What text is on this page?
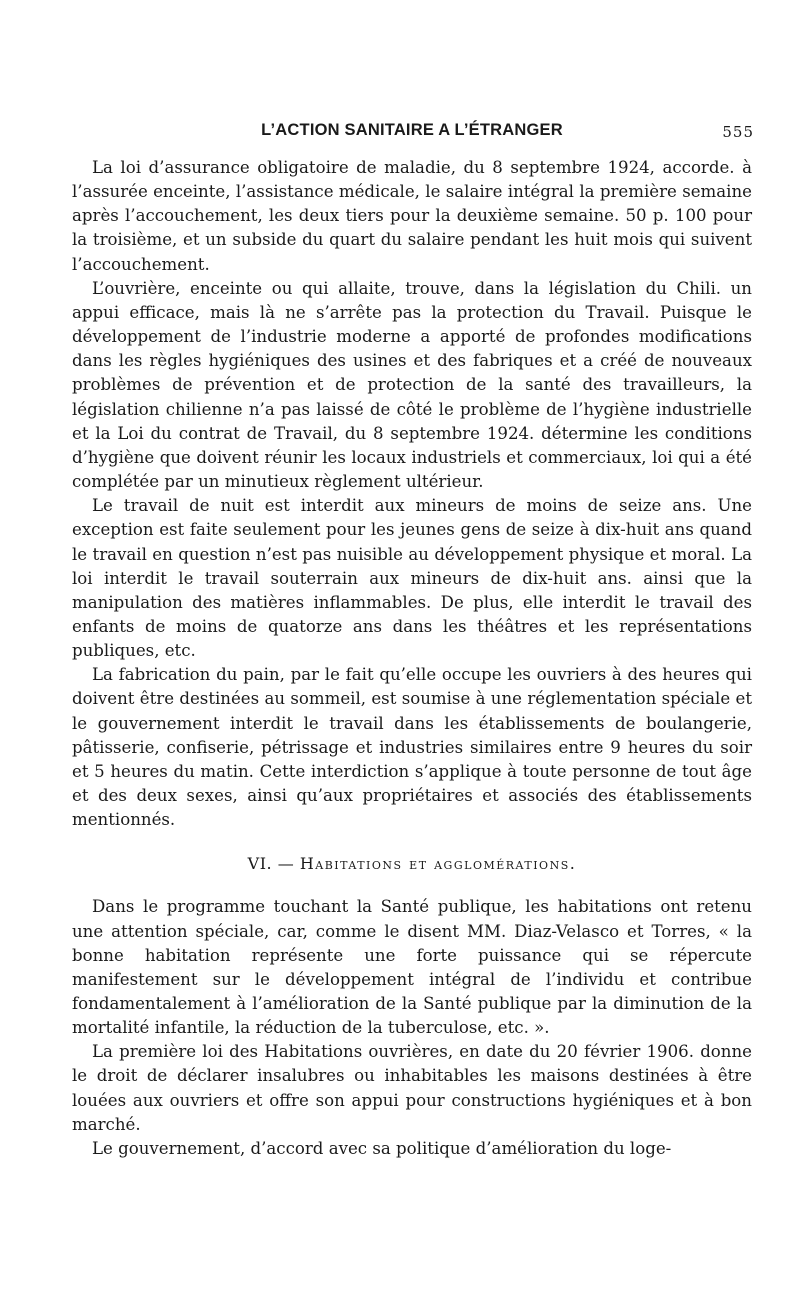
L’ACTION SANITAIRE A L’ÉTRANGER	555

La loi d’assurance obligatoire de maladie, du 8 septembre 1924, accorde. à l’assurée enceinte, l’assistance médicale, le salaire intégral la première semaine après l’accouchement, les deux tiers pour la deuxième semaine. 50 p. 100 pour la troisième, et un subside du quart du salaire pendant les huit mois qui suivent l’accouchement.

L’ouvrière, enceinte ou qui allaite, trouve, dans la législation du Chili. un appui efficace, mais là ne s’arrête pas la protection du Travail. Puisque le développement de l’industrie moderne a apporté de profondes modifications dans les règles hygiéniques des usines et des fabriques et a créé de nouveaux problèmes de prévention et de protection de la santé des travailleurs, la législation chilienne n’a pas laissé de côté le problème de l’hygiène industrielle et la Loi du contrat de Travail, du 8 septembre 1924. détermine les conditions d’hygiène que doivent réunir les locaux industriels et commerciaux, loi qui a été complétée par un minutieux règlement ultérieur.

Le travail de nuit est interdit aux mineurs de moins de seize ans. Une exception est faite seulement pour les jeunes gens de seize à dix-huit ans quand le travail en question n’est pas nuisible au développement physique et moral. La loi interdit le travail souterrain aux mineurs de dix-huit ans. ainsi que la manipulation des matières inflammables. De plus, elle interdit le travail des enfants de moins de quatorze ans dans les théâtres et les représentations publiques, etc.

La fabrication du pain, par le fait qu’elle occupe les ouvriers à des heures qui doivent être destinées au sommeil, est soumise à une réglementation spéciale et le gouvernement interdit le travail dans les établissements de boulangerie, pâtisserie, confiserie, pétrissage et industries similaires entre 9 heures du soir et 5 heures du matin. Cette interdiction s’applique à toute personne de tout âge et des deux sexes, ainsi qu’aux propriétaires et associés des établissements mentionnés.

VI. — Habitations et agglomérations.

Dans le programme touchant la Santé publique, les habitations ont retenu une attention spéciale, car, comme le disent MM. Diaz-Velasco et Torres, « la bonne habitation représente une forte puissance qui se répercute manifestement sur le développement intégral de l’individu et contribue fondamentalement à l’amélioration de la Santé publique par la diminution de la mortalité infantile, la réduction de la tuberculose, etc. ».

La première loi des Habitations ouvrières, en date du 20 février 1906. donne le droit de déclarer insalubres ou inhabitables les maisons destinées à être louées aux ouvriers et offre son appui pour constructions hygiéniques et à bon marché.

Le gouvernement, d’accord avec sa politique d’amélioration du loge-
